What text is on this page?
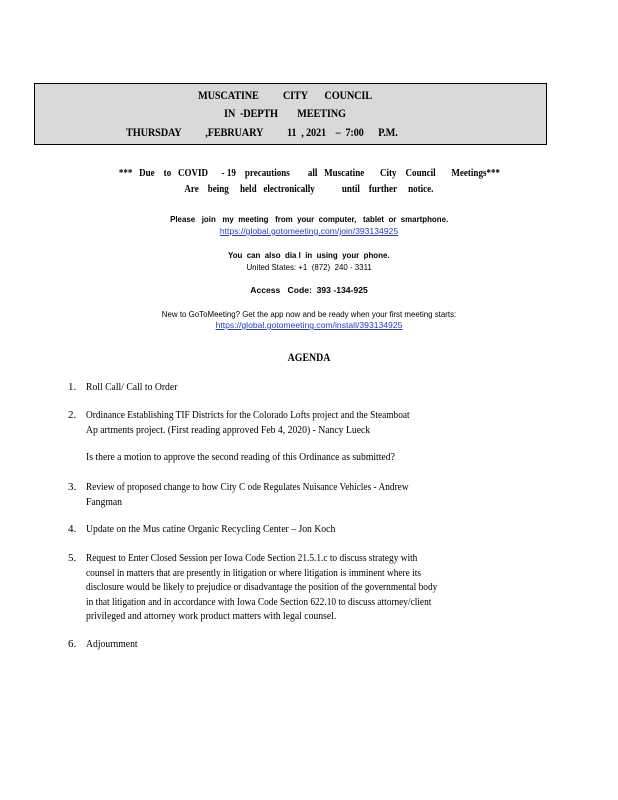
MUSCATINE          CITY       COUNCIL
IN  -DEPTH        MEETING
THURSDAY          ,FEBRUARY          11  , 2021    –  7:00      P.M.
***   Due    to   COVID      - 19    precautions        all   Muscatine       City    Council       Meetings***
Are    being     held   electronically            until    further     notice.
Please   join   my  meeting   from  your  computer,   tablet  or  smartphone.
https://global.gotomeeting.com/join/393134925
You  can  also  dia l  in  using  your  phone.
United States: +1  (872)  240 - 3311
Access   Code:  393 -134-925
New to GoToMeeting? Get the app now and be ready when your first meeting starts:
https://global.gotomeeting.com/install/393134925
AGENDA
1. Roll Call/ Call to Order
2. Ordinance Establishing TIF Districts for the Colorado Lofts project and the Steamboat
Ap artments project. (First reading approved Feb 4, 2020) - Nancy Lueck
Is there a motion to approve the second reading of this Ordinance as submitted?
3. Review of proposed change to how City C ode Regulates Nuisance Vehicles - Andrew
Fangman
4. Update on the Mus catine Organic Recycling Center – Jon Koch
5. Request to Enter Closed Session per Iowa Code Section 21.5.1.c to discuss strategy with
counsel in matters that are presently in litigation or where litigation is imminent where its
disclosure would be likely to prejudice or disadvantage the position of the governmental body
in that litigation and in accordance with Iowa Code Section 622.10 to discuss attorney/client
privileged and attorney work product matters with legal counsel.
6. Adjournment
